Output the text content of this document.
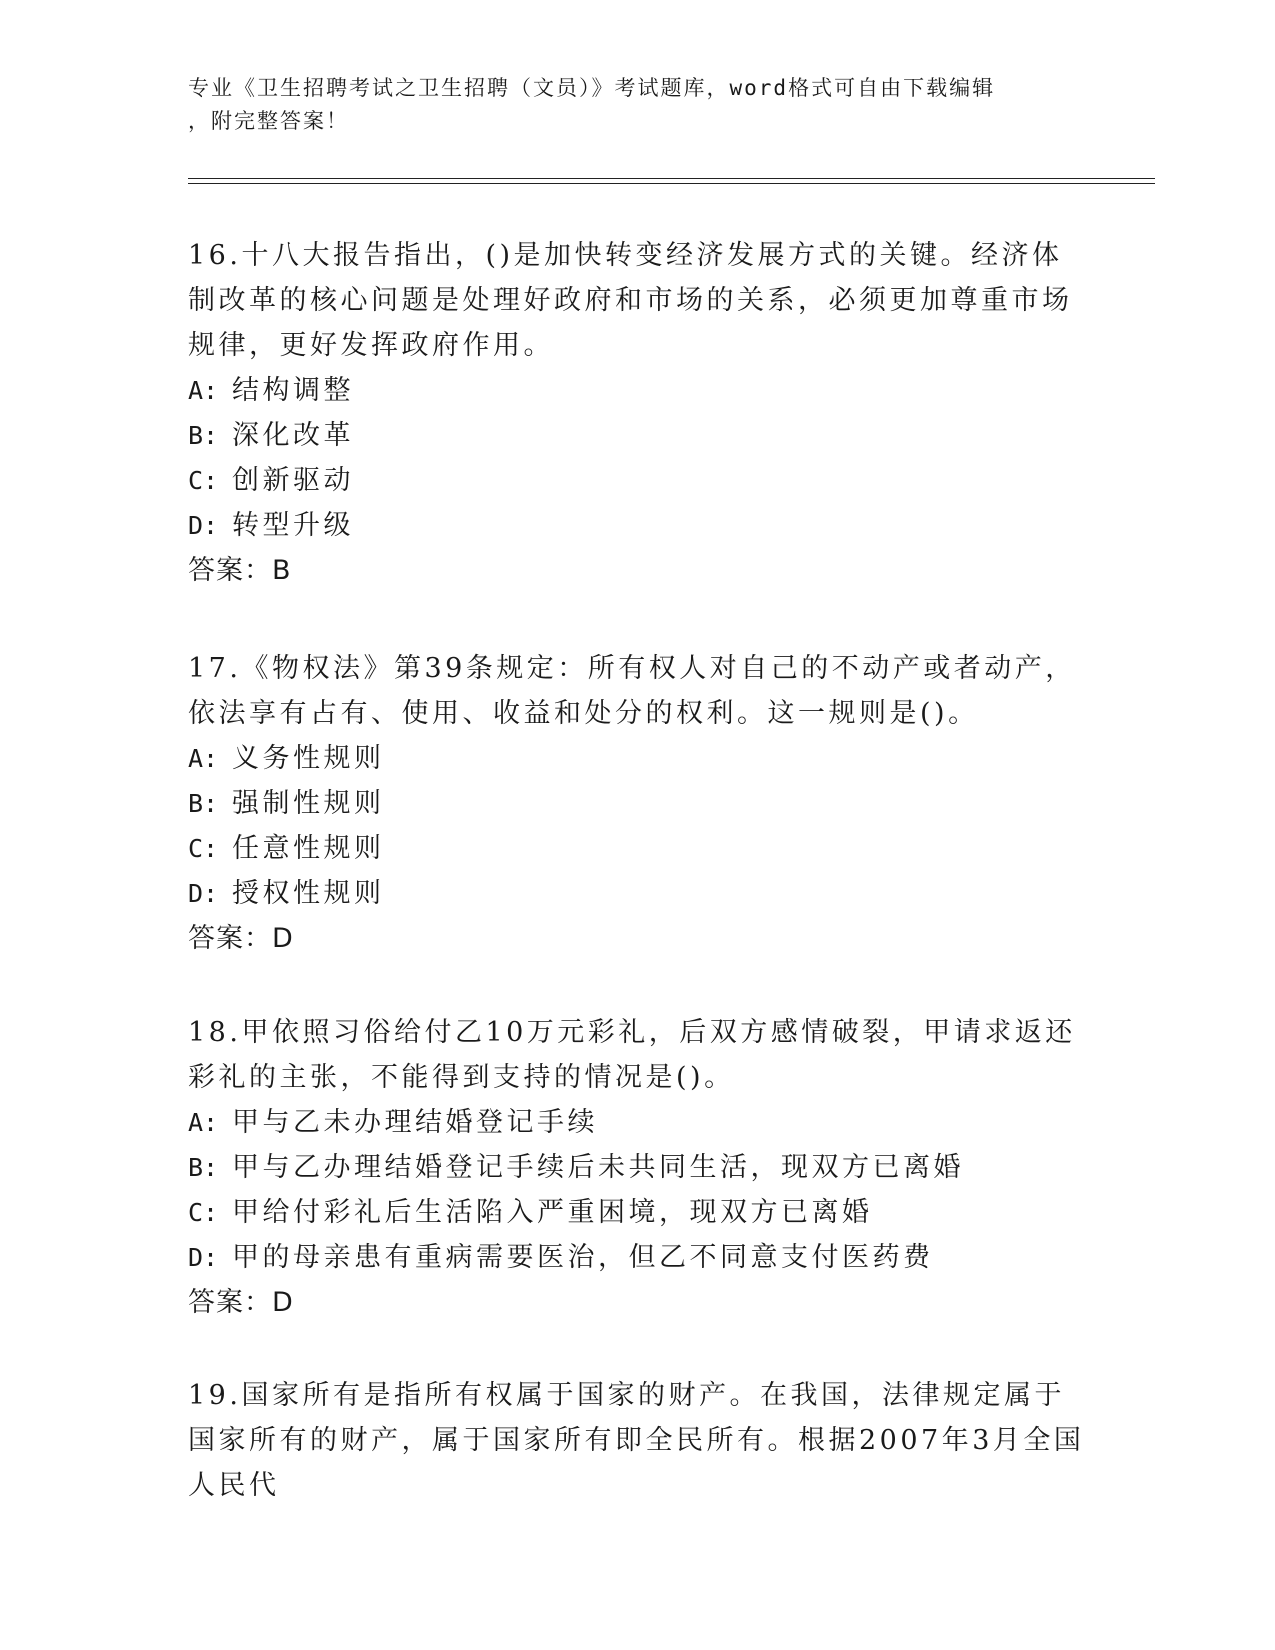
专业《卫生招聘考试之卫生招聘（文员）》考试题库，word格式可自由下载编辑
，附完整答案！

16.十八大报告指出，()是加快转变经济发展方式的关键。经济体制改革的核心问题是处理好政府和市场的关系，必须更加尊重市场规律，更好发挥政府作用。

A: 结构调整
B: 深化改革
C: 创新驱动
D: 转型升级
答案：B

17.《物权法》第39条规定：所有权人对自己的不动产或者动产，依法享有占有、使用、收益和处分的权利。这一规则是()。

A: 义务性规则
B: 强制性规则
C: 任意性规则
D: 授权性规则
答案：D

18.甲依照习俗给付乙10万元彩礼，后双方感情破裂，甲请求返还彩礼的主张，不能得到支持的情况是()。

A: 甲与乙未办理结婚登记手续
B: 甲与乙办理结婚登记手续后未共同生活，现双方已离婚
C: 甲给付彩礼后生活陷入严重困境，现双方已离婚
D: 甲的母亲患有重病需要医治，但乙不同意支付医药费
答案：D

19.国家所有是指所有权属于国家的财产。在我国，法律规定属于国家所有的财产，属于国家所有即全民所有。根据2007年3月全国人民代
